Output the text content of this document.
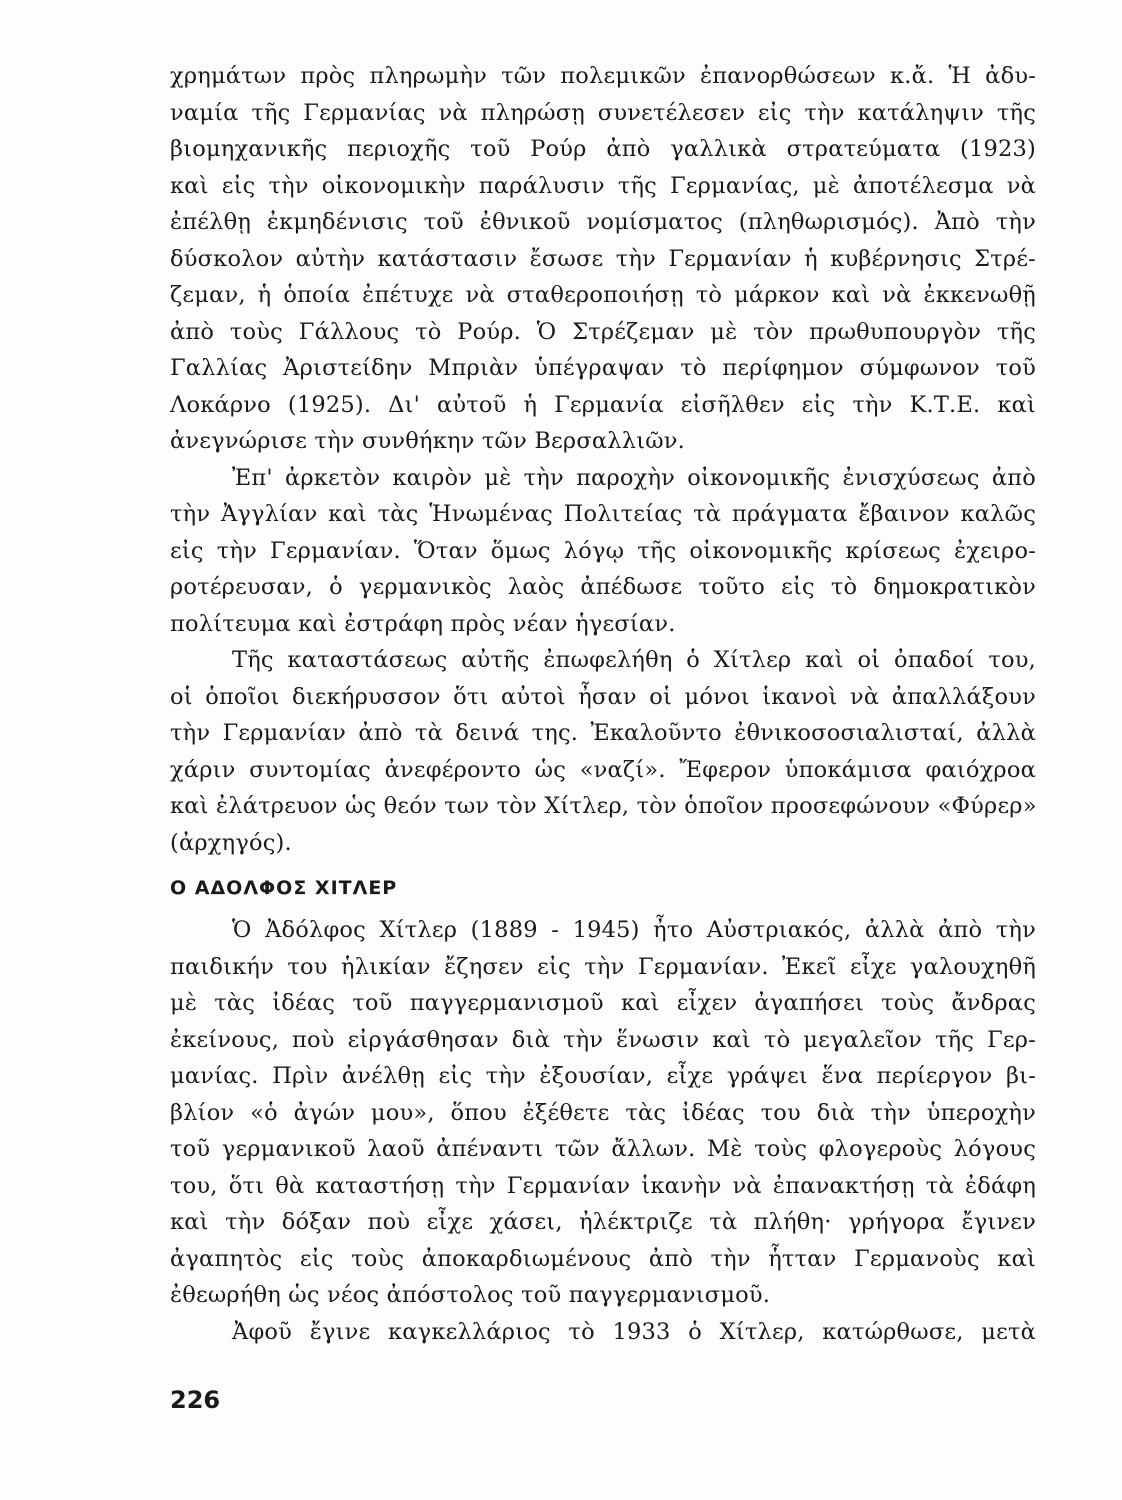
χρημάτων πρὸς πληρωμὴν τῶν πολεμικῶν ἐπανορθώσεων κ.ἄ. Ἡ ἀδυ-
ναμία τῆς Γερμανίας νὰ πληρώσῃ συνετέλεσεν εἰς τὴν κατάληψιν τῆς
βιομηχανικῆς περιοχῆς τοῦ Ρούρ ἀπὸ γαλλικὰ στρατεύματα (1923)
καὶ εἰς τὴν οἰκονομικὴν παράλυσιν τῆς Γερμανίας, μὲ ἀποτέλεσμα νὰ
ἐπέλθῃ ἐκμηδένισις τοῦ ἐθνικοῦ νομίσματος (πληθωρισμός). Ἀπὸ τὴν
δύσκολον αὐτὴν κατάστασιν ἔσωσε τὴν Γερμανίαν ἡ κυβέρνησις Στρέ-
ζεμαν, ἡ ὁποία ἐπέτυχε νὰ σταθεροποιήσῃ τὸ μάρκον καὶ νὰ ἐκκενωθῇ
ἀπὸ τοὺς Γάλλους τὸ Ρούρ. Ὁ Στρέζεμαν μὲ τὸν πρωθυπουργὸν τῆς
Γαλλίας Ἀριστείδην Μπριὰν ὑπέγραψαν τὸ περίφημον σύμφωνον τοῦ
Λοκάρνο (1925). Δι' αὐτοῦ ἡ Γερμανία εἰσῆλθεν εἰς τὴν Κ.Τ.Ε. καὶ
ἀνεγνώρισε τὴν συνθήκην τῶν Βερσαλλιῶν.
Ἐπ' ἀρκετὸν καιρὸν μὲ τὴν παροχὴν οἰκονομικῆς ἐνισχύσεως ἀπὸ
τὴν Ἀγγλίαν καὶ τὰς Ἡνωμένας Πολιτείας τὰ πράγματα ἔβαινον καλῶς
εἰς τὴν Γερμανίαν. Ὅταν ὅμως λόγῳ τῆς οἰκονομικῆς κρίσεως ἐχειρο-
ροτέρευσαν, ὁ γερμανικὸς λαὸς ἀπέδωσε τοῦτο εἰς τὸ δημοκρατικὸν
πολίτευμα καὶ ἐστράφη πρὸς νέαν ἡγεσίαν.
Τῆς καταστάσεως αὐτῆς ἐπωφελήθη ὁ Χίτλερ καὶ οἱ ὀπαδοί του,
οἱ ὁποῖοι διεκήρυσσον ὅτι αὐτοὶ ἦσαν οἱ μόνοι ἱκανοὶ νὰ ἀπαλλάξουν
τὴν Γερμανίαν ἀπὸ τὰ δεινά της. Ἐκαλοῦντο ἐθνικοσοσιαλισταί, ἀλλὰ
χάριν συντομίας ἀνεφέροντο ὡς «ναζί». Ἔφερον ὑποκάμισα φαιόχροα
καὶ ἐλάτρευον ὡς θεόν των τὸν Χίτλερ, τὸν ὁποῖον προσεφώνουν «Φύρερ»
(ἀρχηγός).
Ο ΑΔΟΛΦΟΣ ΧΙΤΛΕΡ
Ὁ Ἀδόλφος Χίτλερ (1889 - 1945) ἦτο Αὐστριακός, ἀλλὰ ἀπὸ τὴν
παιδικήν του ἡλικίαν ἔζησεν εἰς τὴν Γερμανίαν. Ἐκεῖ εἶχε γαλουχηθῆ
μὲ τὰς ἰδέας τοῦ παγγερμανισμοῦ καὶ εἶχεν ἀγαπήσει τοὺς ἄνδρας
ἐκείνους, ποὺ εἰργάσθησαν διὰ τὴν ἕνωσιν καὶ τὸ μεγαλεῖον τῆς Γερ-
μανίας. Πρὶν ἀνέλθῃ εἰς τὴν ἐξουσίαν, εἶχε γράψει ἕνα περίεργον βι-
βλίον «ὁ ἀγών μου», ὅπου ἐξέθετε τὰς ἰδέας του διὰ τὴν ὑπεροχὴν
τοῦ γερμανικοῦ λαοῦ ἀπέναντι τῶν ἄλλων. Μὲ τοὺς φλογεροὺς λόγους
του, ὅτι θὰ καταστήσῃ τὴν Γερμανίαν ἱκανὴν νὰ ἐπανακτήσῃ τὰ ἐδάφη
καὶ τὴν δόξαν ποὺ εἶχε χάσει, ἠλέκτριζε τὰ πλήθη· γρήγορα ἔγινεν
ἀγαπητὸς εἰς τοὺς ἀποκαρδιωμένους ἀπὸ τὴν ἧτταν Γερμανοὺς καὶ
ἐθεωρήθη ὡς νέος ἀπόστολος τοῦ παγγερμανισμοῦ.
Ἀφοῦ ἔγινε καγκελλάριος τὸ 1933 ὁ Χίτλερ, κατώρθωσε, μετὰ
226
